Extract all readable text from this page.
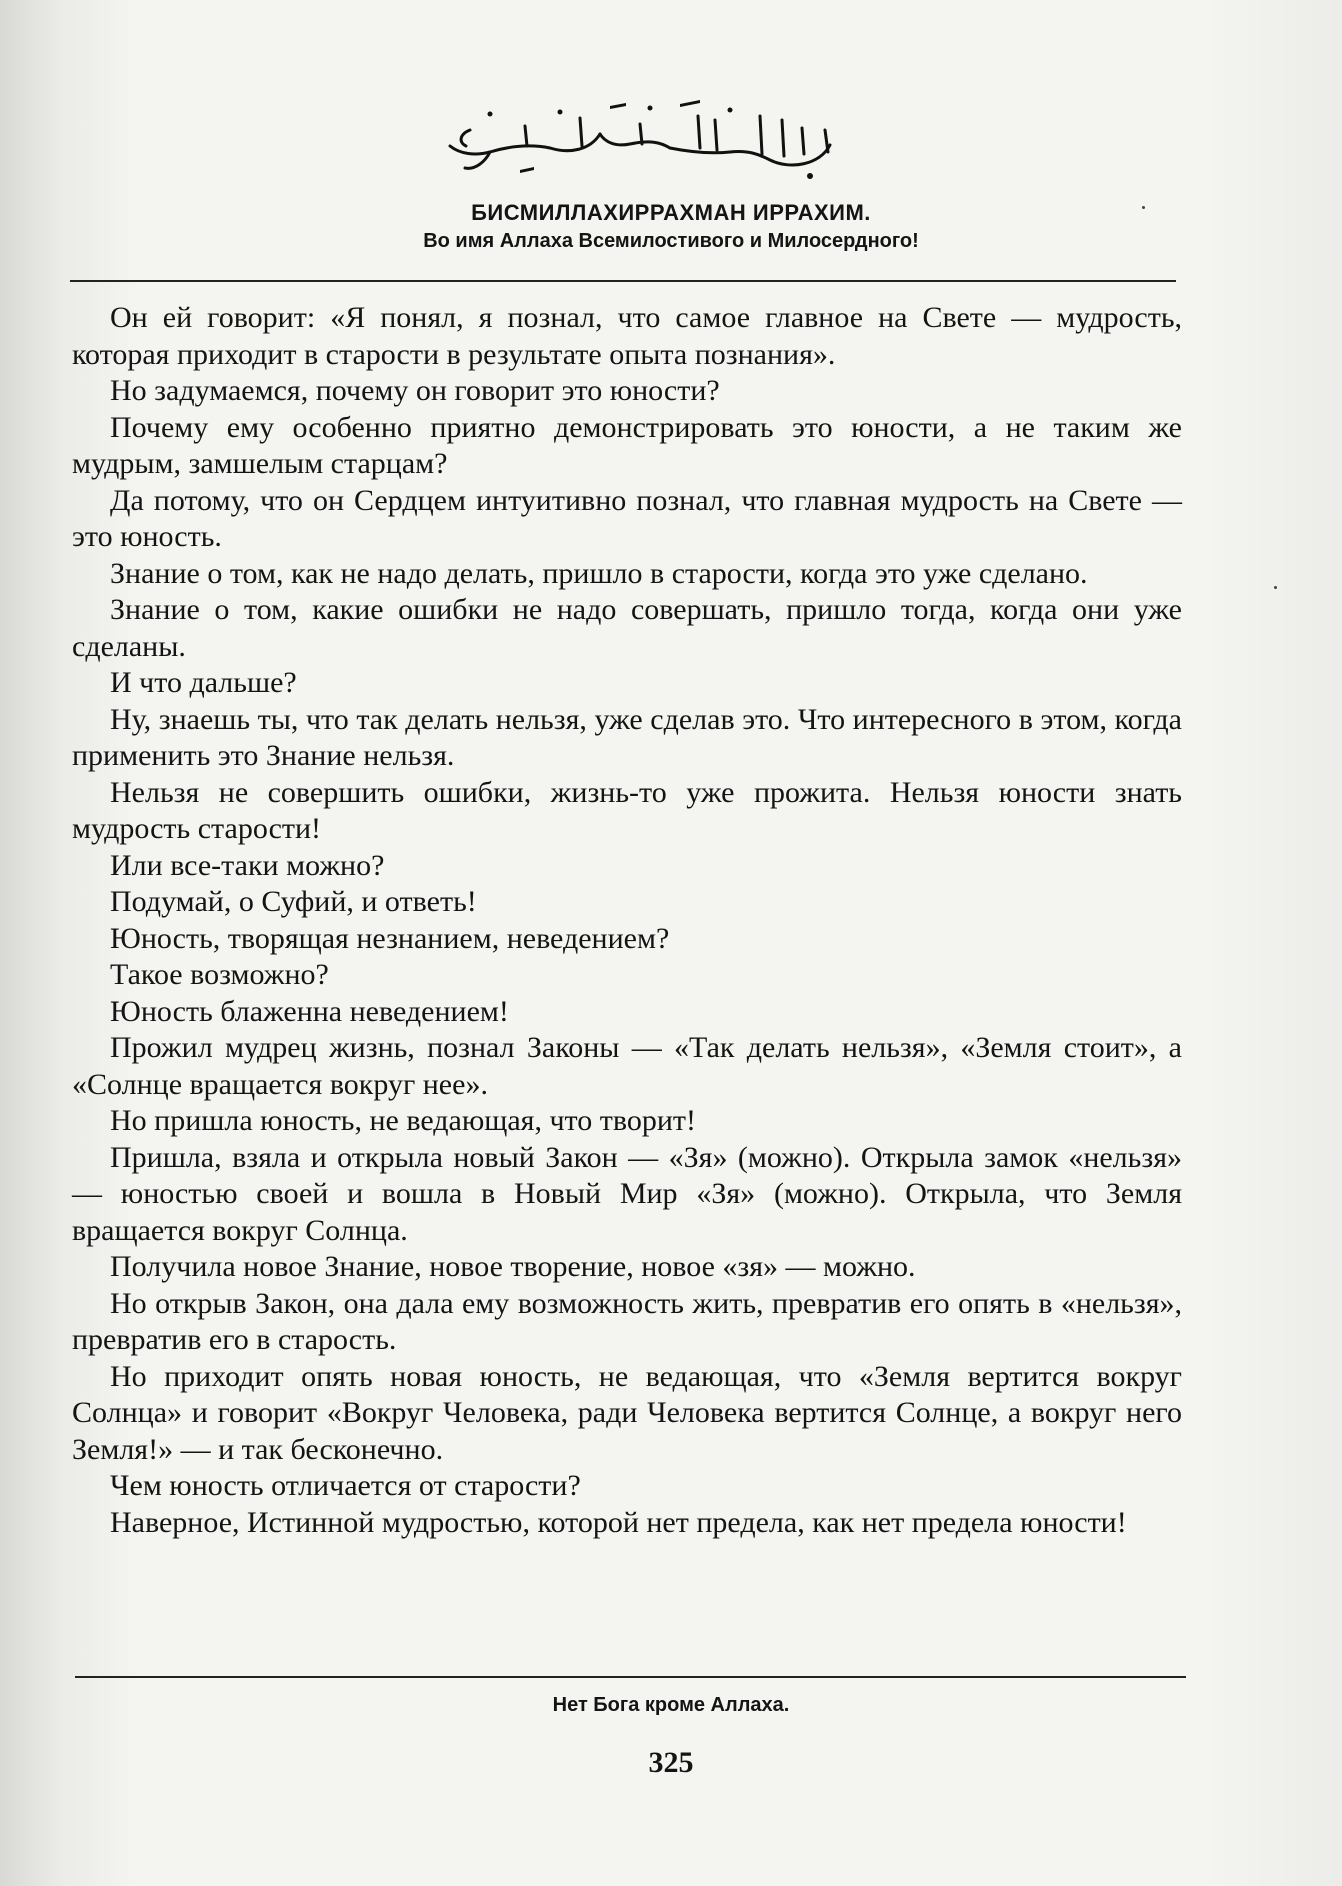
БИСМИЛЛАХИРРАХМАН ИРРАХИМ.
Во имя Аллаха Всемилостивого и Милосердного!

Он ей говорит: «Я понял, я познал, что самое главное на Свете — мудрость, которая приходит в старости в результате опыта познания».

Но задумаемся, почему он говорит это юности?

Почему ему особенно приятно демонстрировать это юности, а не таким же мудрым, замшелым старцам?

Да потому, что он Сердцем интуитивно познал, что главная мудрость на Свете — это юность.

Знание о том, как не надо делать, пришло в старости, когда это уже сделано.

Знание о том, какие ошибки не надо совершать, пришло тогда, когда они уже сделаны.

И что дальше?

Ну, знаешь ты, что так делать нельзя, уже сделав это. Что интересного в этом, когда применить это Знание нельзя.

Нельзя не совершить ошибки, жизнь-то уже прожита. Нельзя юности знать мудрость старости!

Или все-таки можно?

Подумай, о Суфий, и ответь!

Юность, творящая незнанием, неведением?

Такое возможно?

Юность блаженна неведением!

Прожил мудрец жизнь, познал Законы — «Так делать нельзя», «Земля стоит», а «Солнце вращается вокруг нее».

Но пришла юность, не ведающая, что творит!

Пришла, взяла и открыла новый Закон — «Зя» (можно). Открыла замок «нельзя» — юностью своей и вошла в Новый Мир «Зя» (можно). Открыла, что Земля вращается вокруг Солнца.

Получила новое Знание, новое творение, новое «зя» — можно.

Но открыв Закон, она дала ему возможность жить, превратив его опять в «нельзя», превратив его в старость.

Но приходит опять новая юность, не ведающая, что «Земля вертится вокруг Солнца» и говорит «Вокруг Человека, ради Человека вертится Солнце, а вокруг него Земля!» — и так бесконечно.

Чем юность отличается от старости?

Наверное, Истинной мудростью, которой нет предела, как нет предела юности!

Нет Бога кроме Аллаха.
325
